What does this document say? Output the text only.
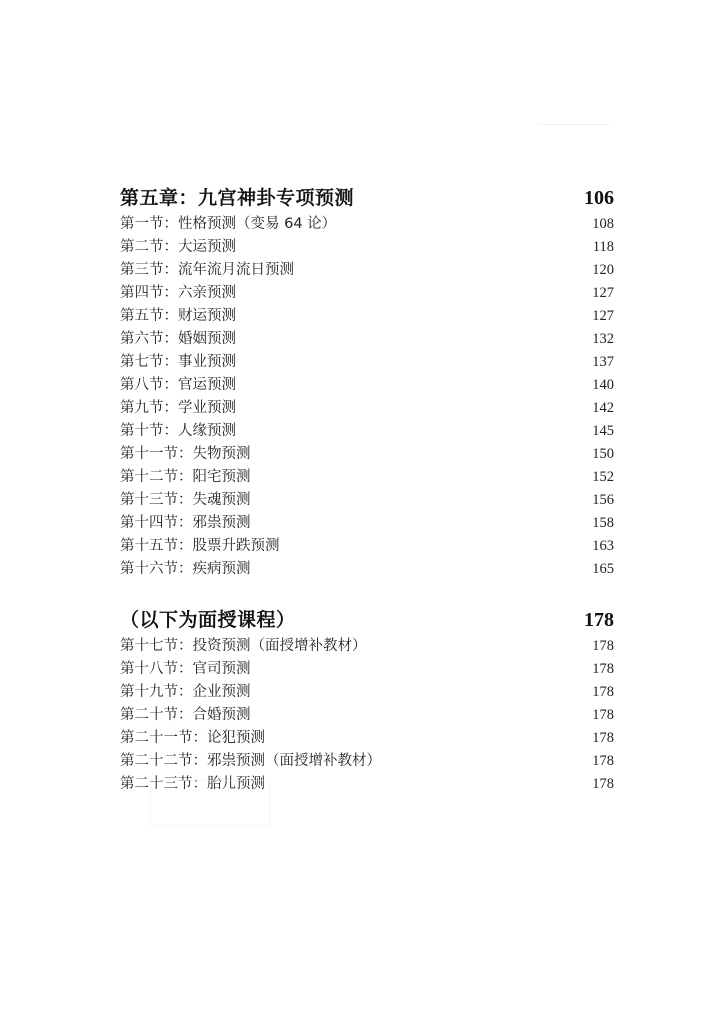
第五章：九宫神卦专项预测	106
第一节：性格预测（变易 64 论）	108
第二节：大运预测	118
第三节：流年流月流日预测	120
第四节：六亲预测	127
第五节：财运预测	127
第六节：婚姻预测	132
第七节：事业预测	137
第八节：官运预测	140
第九节：学业预测	142
第十节：人缘预测	145
第十一节：失物预测	150
第十二节：阳宅预测	152
第十三节：失魂预测	156
第十四节：邪祟预测	158
第十五节：股票升跌预测	163
第十六节：疾病预测	165
（以下为面授课程）	178
第十七节：投资预测（面授增补教材）	178
第十八节：官司预测	178
第十九节：企业预测	178
第二十节：合婚预测	178
第二十一节：论犯预测	178
第二十二节：邪祟预测（面授增补教材）	178
第二十三节：胎儿预测	178
